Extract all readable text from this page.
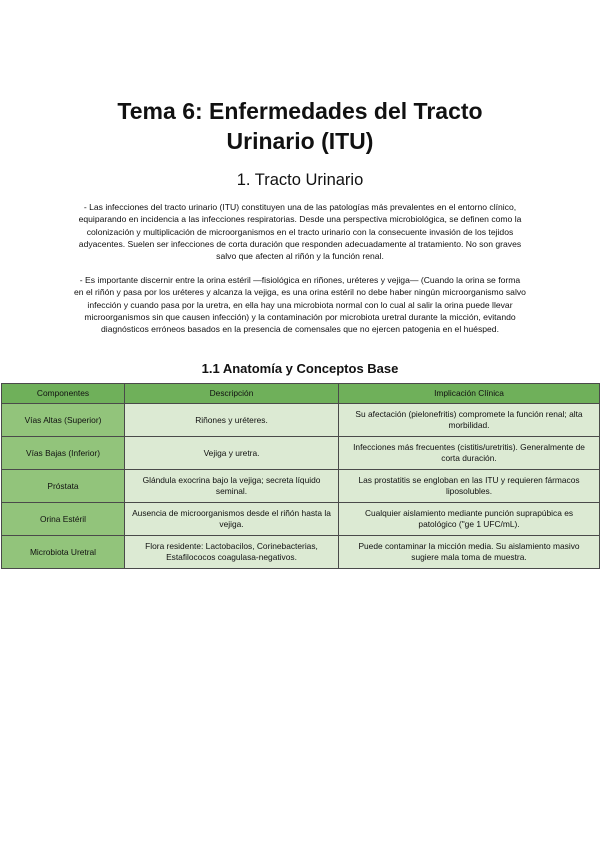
Tema 6: Enfermedades del Tracto
Urinario (ITU)
1. Tracto Urinario

- Las infecciones del tracto urinario (ITU) constituyen una de las patologías más prevalentes en el entorno clínico, equiparando en incidencia a las infecciones respiratorias. Desde una perspectiva microbiológica, se definen como la colonización y multiplicación de microorganismos en el tracto urinario con la consecuente invasión de los tejidos adyacentes. Suelen ser infecciones de corta duración que responden adecuadamente al tratamiento. No son graves salvo que afecten al riñón y la función renal.

- Es importante discernir entre la orina estéril —fisiológica en riñones, uréteres y vejiga— (Cuando la orina se forma en el riñón y pasa por los uréteres y alcanza la vejiga, es una orina estéril no debe haber ningún microorganismo salvo infección y cuando pasa por la uretra, en ella hay una microbiota normal con lo cual al salir la orina puede llevar microorganismos sin que causen infección) y la contaminación por microbiota uretral durante la micción, evitando diagnósticos erróneos basados en la presencia de comensales que no ejercen patogenia en el huésped.

1.1 Anatomía y Conceptos Base
Componentes	Descripción	Implicación Clínica
Vías Altas (Superior)	Riñones y uréteres.	Su afectación (pielonefritis) compromete la función renal; alta morbilidad.
Vías Bajas (Inferior)	Vejiga y uretra.	Infecciones más frecuentes (cistitis/uretritis). Generalmente de corta duración.
Próstata	Glándula exocrina bajo la vejiga; secreta líquido seminal.	Las prostatitis se engloban en las ITU y requieren fármacos liposolubles.
Orina Estéril	Ausencia de microorganismos desde el riñón hasta la vejiga.	Cualquier aislamiento mediante punción suprapúbica es patológico ("ge 1 UFC/mL).
Microbiota Uretral	Flora residente: Lactobacilos, Corinebacterias, Estafilococos coagulasa-negativos.	Puede contaminar la micción media. Su aislamiento masivo sugiere mala toma de muestra.
